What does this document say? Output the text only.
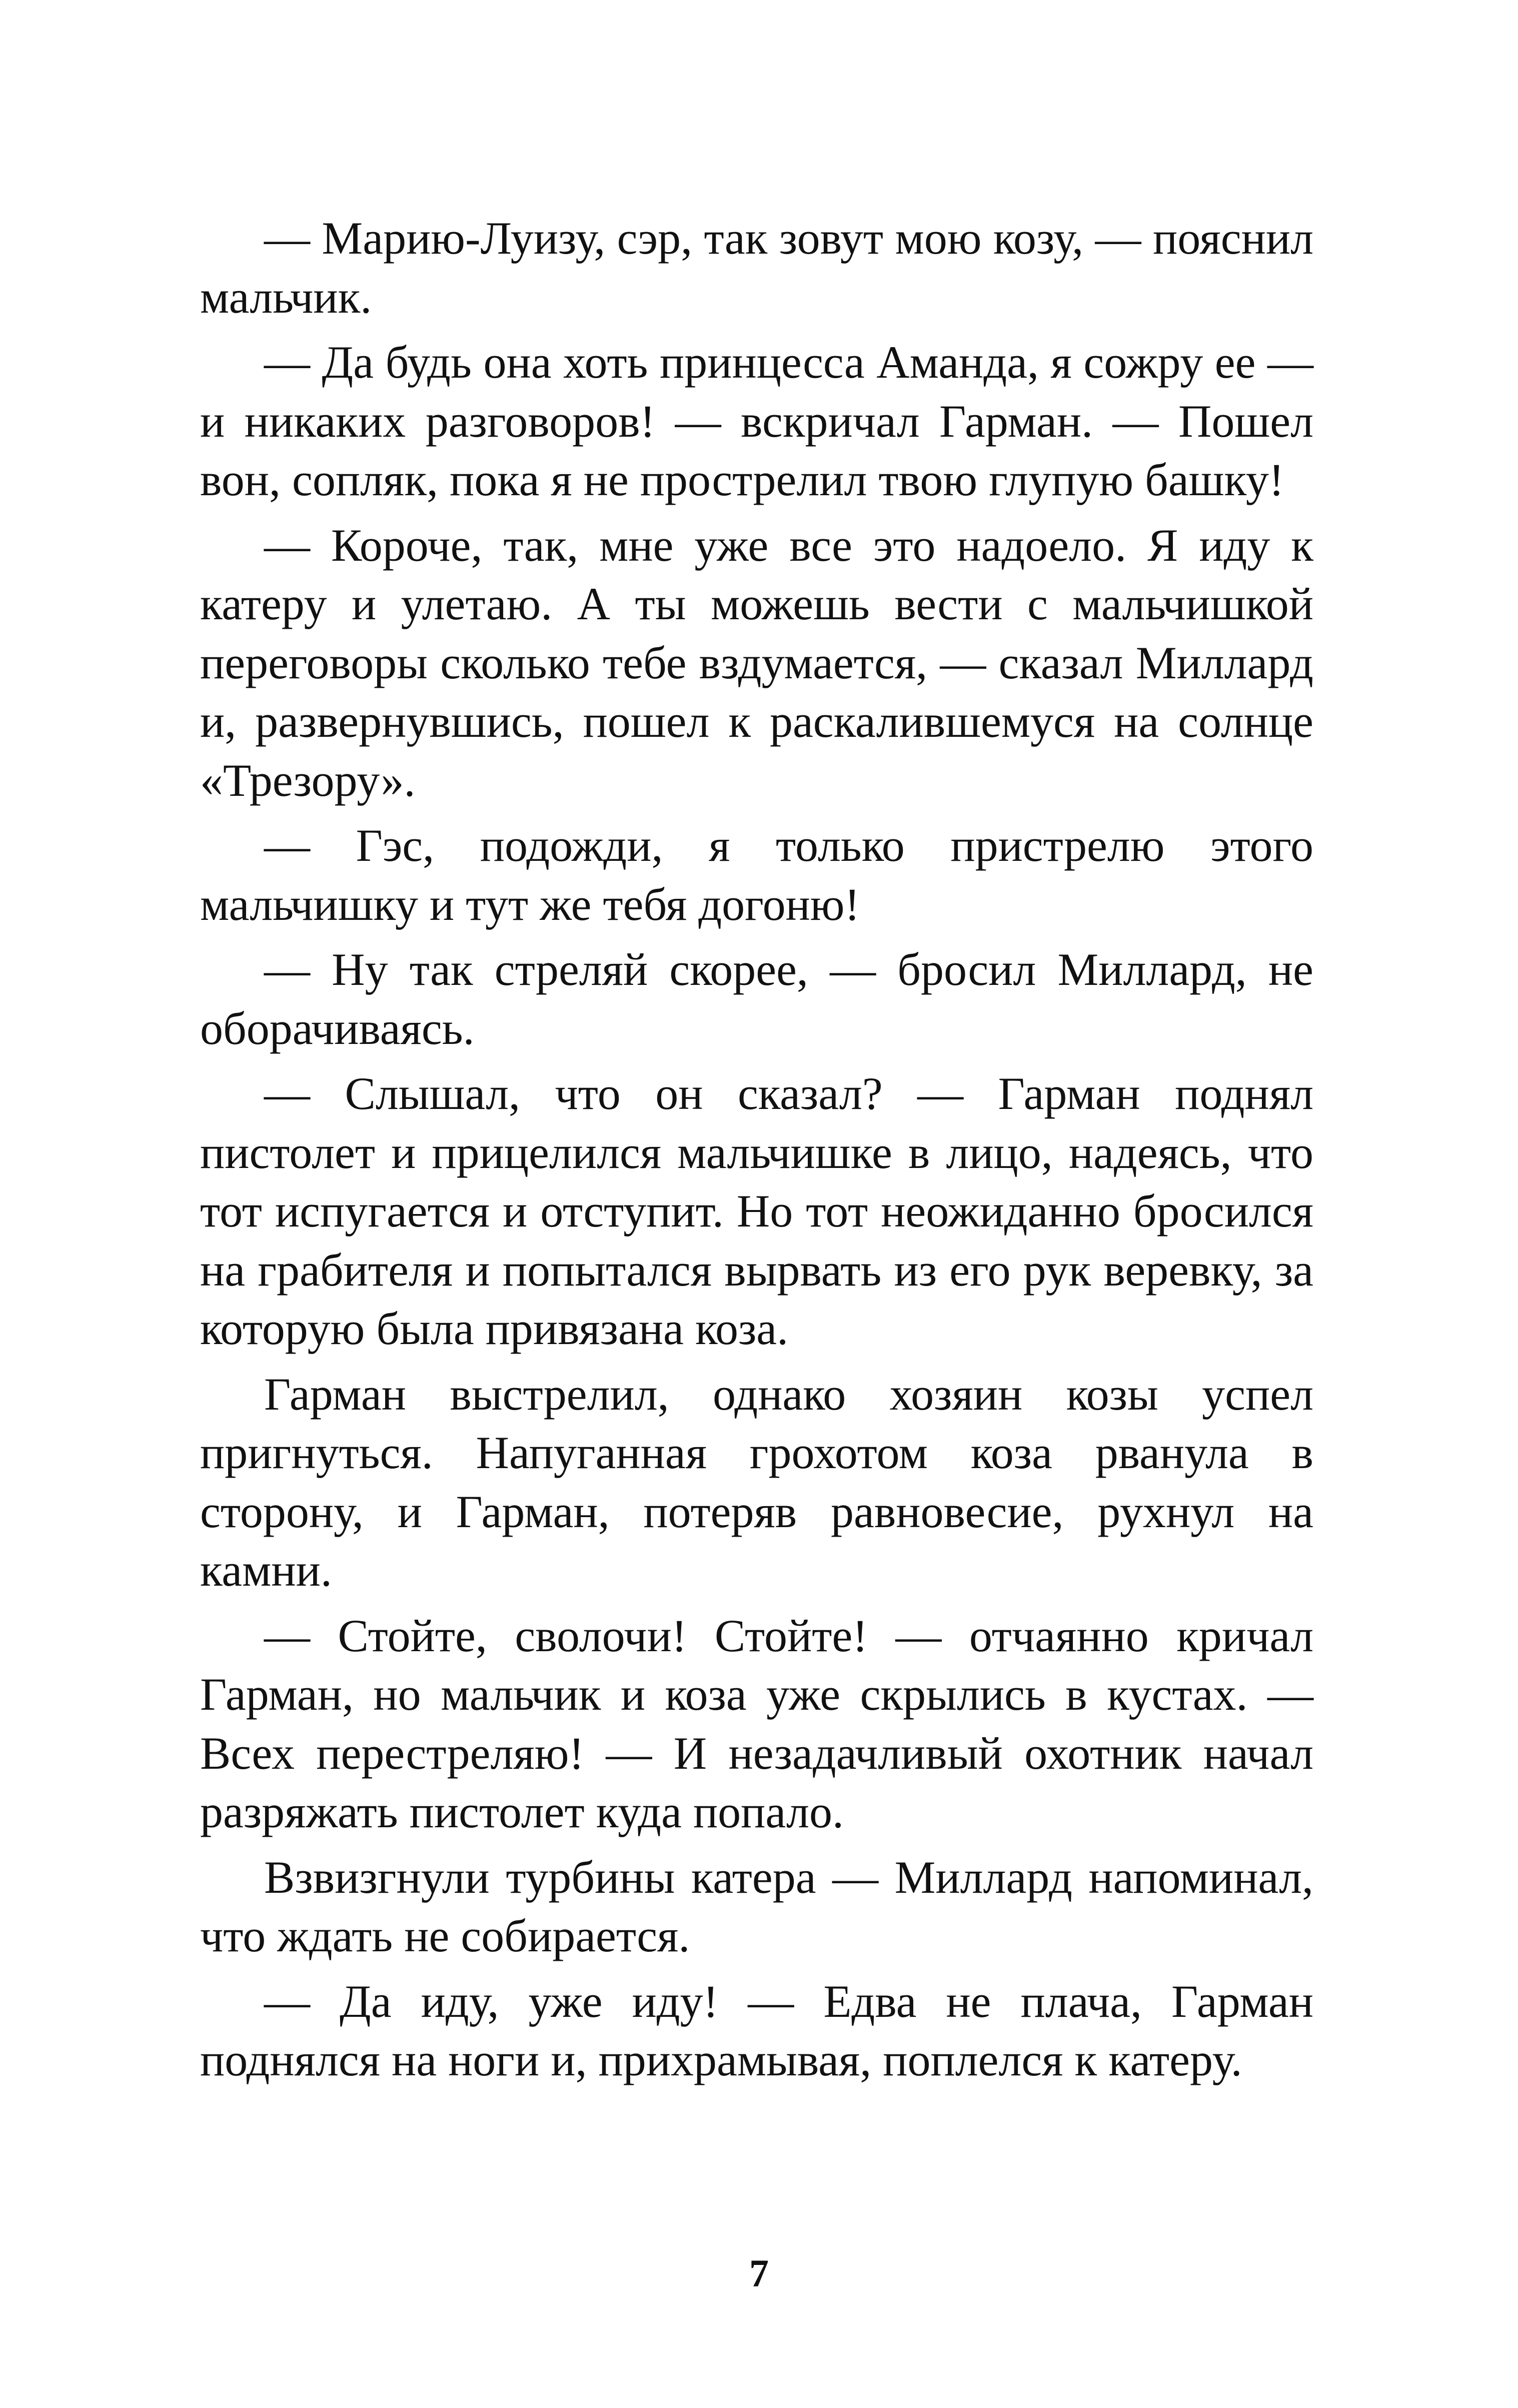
— Марию-Луизу, сэр, так зовут мою козу, — пояснил мальчик.

— Да будь она хоть принцесса Аманда, я сожру ее — и никаких разговоров! — вскричал Гарман. — Пошел вон, сопляк, пока я не прострелил твою глупую башку!

— Короче, так, мне уже все это надоело. Я иду к катеру и улетаю. А ты можешь вести с мальчишкой переговоры сколько тебе вздумается, — сказал Миллард и, развернувшись, пошел к раскалившемуся на солнце «Трезору».

— Гэс, подожди, я только пристрелю этого мальчишку и тут же тебя догоню!

— Ну так стреляй скорее, — бросил Миллард, не оборачиваясь.

— Слышал, что он сказал? — Гарман поднял пистолет и прицелился мальчишке в лицо, надеясь, что тот испугается и отступит. Но тот неожиданно бросился на грабителя и попытался вырвать из его рук веревку, за которую была привязана коза.

Гарман выстрелил, однако хозяин козы успел пригнуться. Напуганная грохотом коза рванула в сторону, и Гарман, потеряв равновесие, рухнул на камни.

— Стойте, сволочи! Стойте! — отчаянно кричал Гарман, но мальчик и коза уже скрылись в кустах. — Всех перестреляю! — И незадачливый охотник начал разряжать пистолет куда попало.

Взвизгнули турбины катера — Миллард напоминал, что ждать не собирается.

— Да иду, уже иду! — Едва не плача, Гарман поднялся на ноги и, прихрамывая, поплелся к катеру.

7
